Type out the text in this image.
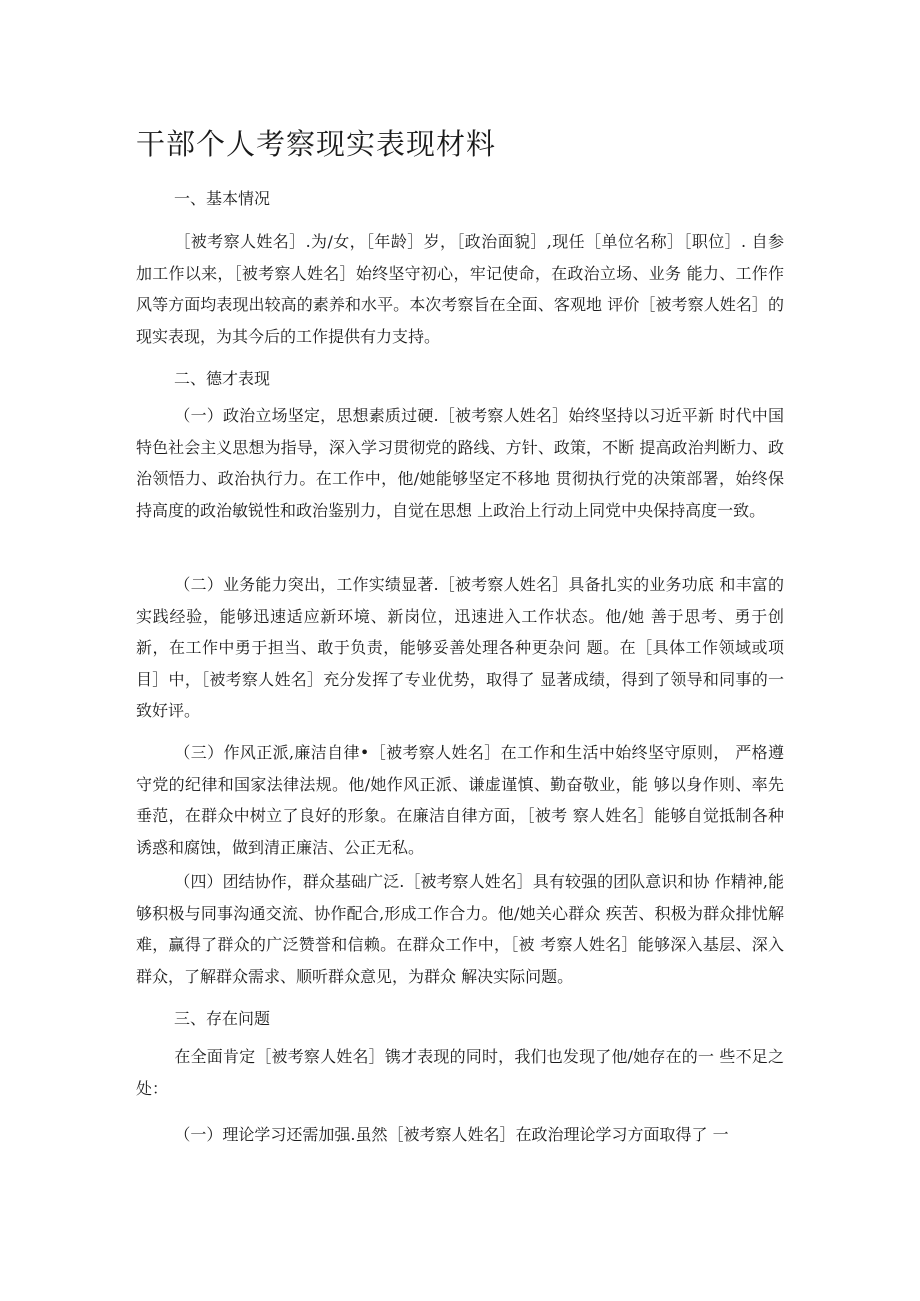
干部个人考察现实表现材料

一、基本情况

［被考察人姓名］.为/女，［年龄］岁，［政治面貌］,现任［单位名称］［职位］. 自参加工作以来，［被考察人姓名］始终坚守初心，牢记使命，在政治立场、业务 能力、工作作风等方面均表现出较高的素养和水平。本次考察旨在全面、客观地 评价［被考察人姓名］的现实表现，为其今后的工作提供有力支持。

二、德才表现

（一）政治立场坚定，思想素质过硬.［被考察人姓名］始终坚持以习近平新 时代中国特色社会主义思想为指导，深入学习贯彻党的路线、方针、政策，不断 提高政治判断力、政治领悟力、政治执行力。在工作中，他/她能够坚定不移地 贯彻执行党的决策部署，始终保持高度的政治敏锐性和政治鉴别力，自觉在思想 上政治上行动上同党中央保持高度一致。

（二）业务能力突出，工作实绩显著.［被考察人姓名］具备扎实的业务功底 和丰富的实践经验，能够迅速适应新环境、新岗位，迅速进入工作状态。他/她 善于思考、勇于创新，在工作中勇于担当、敢于负责，能够妥善处理各种更杂问 题。在［具体工作领域或项目］中，［被考察人姓名］充分发挥了专业优势，取得了 显著成绩，得到了领导和同事的一致好评。

（三）作风正派,廉洁自律•［被考察人姓名］在工作和生活中始终坚守原则， 严格遵守党的纪律和国家法律法规。他/她作风正派、谦虚谨慎、勤奋敬业，能 够以身作则、率先垂范，在群众中树立了良好的形象。在廉洁自律方面，［被考 察人姓名］能够自觉抵制各种诱惑和腐蚀，做到清正廉洁、公正无私。

（四）团结协作，群众基础广泛.［被考察人姓名］具有较强的团队意识和协 作精神,能够积极与同事沟通交流、协作配合,形成工作合力。他/她关心群众 疾苦、积极为群众排忧解难，赢得了群众的广泛赞誉和信赖。在群众工作中，［被 考察人姓名］能够深入基层、深入群众，了解群众需求、顺听群众意见，为群众 解决实际问题。

三、存在问题

在全面肯定［被考察人姓名］镌才表现的同时，我们也发现了他/她存在的一 些不足之处：

（一）理论学习还需加强.虽然［被考察人姓名］在政治理论学习方面取得了 一
